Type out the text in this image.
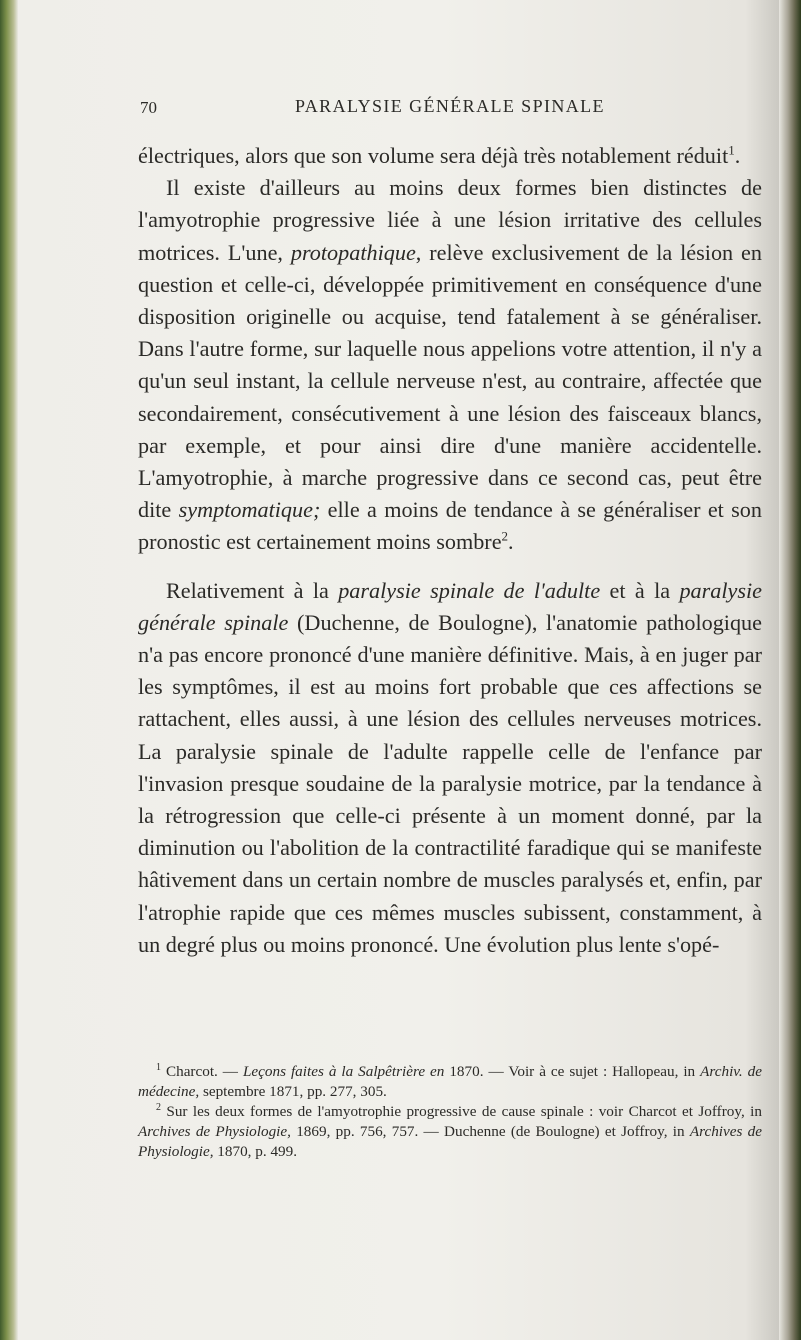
70	PARALYSIE GÉNÉRALE SPINALE

électriques, alors que son volume sera déjà très notablement réduit$^1$.

Il existe d'ailleurs au moins deux formes bien distinctes de l'amyotrophie progressive liée à une lésion irritative des cellules motrices. L'une, protopathique, relève exclusivement de la lésion en question et celle-ci, développée primitivement en conséquence d'une disposition originelle ou acquise, tend fatalement à se généraliser. Dans l'autre forme, sur laquelle nous appelions votre attention, il n'y a qu'un seul instant, la cellule nerveuse n'est, au contraire, affectée que secondairement, consécutivement à une lésion des faisceaux blancs, par exemple, et pour ainsi dire d'une manière accidentelle. L'amyotrophie, à marche progressive dans ce second cas, peut être dite symptomatique; elle a moins de tendance à se généraliser et son pronostic est certainement moins sombre$^2$.

Relativement à la paralysie spinale de l'adulte et à la paralysie générale spinale (Duchenne, de Boulogne), l'anatomie pathologique n'a pas encore prononcé d'une manière définitive. Mais, à en juger par les symptômes, il est au moins fort probable que ces affections se rattachent, elles aussi, à une lésion des cellules nerveuses motrices. La paralysie spinale de l'adulte rappelle celle de l'enfance par l'invasion presque soudaine de la paralysie motrice, par la tendance à la rétrogression que celle-ci présente à un moment donné, par la diminution ou l'abolition de la contractilité faradique qui se manifeste hâtivement dans un certain nombre de muscles paralysés et, enfin, par l'atrophie rapide que ces mêmes muscles subissent, constamment, à un degré plus ou moins prononcé. Une évolution plus lente s'opé-

$^1$ Charcot. — Leçons faites à la Salpêtrière en 1870. — Voir à ce sujet : Hallopeau, in Archiv. de médecine, septembre 1871, pp. 277, 305.

$^2$ Sur les deux formes de l'amyotrophie progressive de cause spinale : voir Charcot et Joffroy, in Archives de Physiologie, 1869, pp. 756, 757. — Duchenne (de Boulogne) et Joffroy, in Archives de Physiologie, 1870, p. 499.
